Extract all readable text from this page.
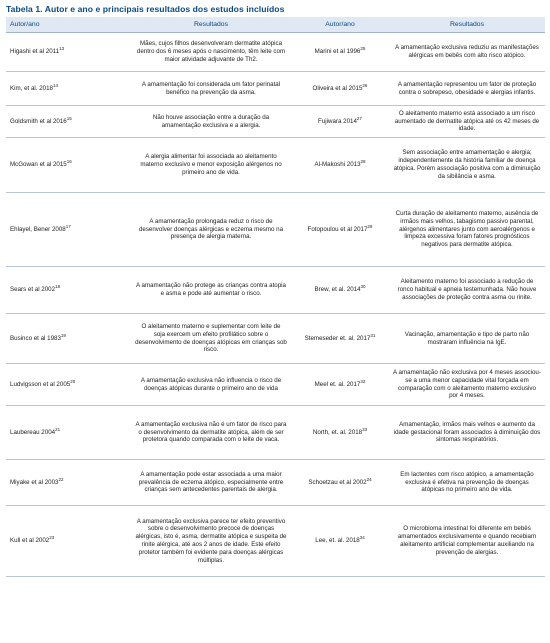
Tabela 1. Autor e ano e principais resultados dos estudos incluídos
Autor/ano	Resultados	Autor/ano	Resultados
Higashi et al 2011$^{13}$	Mães, cujos filhos desenvolveram dermatite atópica dentro dos 6 meses após o nascimento, têm leite com maior atividade adjuvante de Th2.	Marini et al 1996$^{25}$	A amamentação exclusiva reduziu as manifestações alérgicas em bebês com alto risco atópico.
Kim, et al. 2018$^{14}$	A amamentação foi considerada um fator perinatal benéfico na prevenção da asma.	Oliveira et al 2015$^{26}$	A amamentação representou um fator de proteção contra o sobrepeso, obesidade e alergias infantis.
Goldsmith et al 2016$^{15}$	Não houve associação entre a duração da amamentação exclusiva e a alergia.	Fujiwara 2014$^{27}$	O aleitamento materno está associado a um risco aumentado de dermatite atópica até os 42 meses de idade.
McGowan et al 2015$^{16}$	A alergia alimentar foi associada ao aleitamento materno exclusivo e menor exposição alérgenos no primeiro ano de vida.	Al-Makoshi 2013$^{28}$	Sem associação entre amamentação e alergia; independentemente da história familiar de doença atópica. Porém associação positiva com a diminuição da sibilância e asma.
Ehlayel, Bener 2008$^{17}$	A amamentação prolongada reduz o risco de desenvolver doenças alérgicas e eczema mesmo na presença de alergia materna.	Fotopoulou et al 2017$^{29}$	Curta duração de aleitamento materno, ausência de irmãos mais velhos, tabagismo passivo parental, alérgenos alimentares junto com aeroalérgenos e limpeza excessiva foram fatores prognósticos negativos para dermatite atópica.
Sears et al 2002$^{18}$	A amamentação não protege as crianças contra atopia e asma e pode até aumentar o risco.	Brew, et al. 2014$^{30}$	Aleitamento materno foi associado a redução de ronco habitual e apneia testemunhada. Não houve associações de proteção contra asma ou rinite.
Businco et al 1983$^{19}$	O aleitamento materno e suplementar com leite de soja exercem um efeito profilático sobre o desenvolvimento de doenças atópicas em crianças sob risco.	Stemeseder et. al. 2017$^{31}$	Vacinação, amamentação e tipo de parto não mostraram influência na IgE.
Ludvigsson et al 2005$^{20}$	A amamentação exclusiva não influencia o risco de doenças atópicas durante o primeiro ano de vida	Meel et. al. 2017$^{32}$	A amamentação não exclusiva por 4 meses associou-se a uma menor capacidade vital forçada em comparação com o aleitamento materno exclusivo por 4 meses.
Laubereau 2004$^{21}$	A amamentação exclusiva não é um fator de risco para o desenvolvimento da dermatite atópica, além de ser protetora quando comparada com o leite de vaca.	North, et. al. 2018$^{33}$	Amamentação, irmãos mais velhos e aumento da idade gestacional foram associados à diminuição dos sintomas respiratórios.
Miyake et al 2003$^{22}$	A amamentação pode estar associada a uma maior prevalência de eczema atópico, especialmente entre crianças sem antecedentes parentais de alergia.	Schoetzau et al 2002$^{24}$	Em lactentes com risco atópico, a amamentação exclusiva é efetiva na prevenção de doenças atópicas no primeiro ano de vida.
Kull et al 2002$^{23}$	A amamentação exclusiva parece ter efeito preventivo sobre o desenvolvimento precoce de doenças alérgicas, isto é, asma, dermatite atópica e suspeita de rinite alérgica, até aos 2 anos de idade. Este efeito protetor também foi evidente para doenças alérgicas múltiplas.	Lee, et. al. 2018$^{34}$	O microbioma intestinal foi diferente em bebês amamentados exclusivamente e quando recebiam aleitamento artificial complementar auxiliando na prevenção de alergias.
